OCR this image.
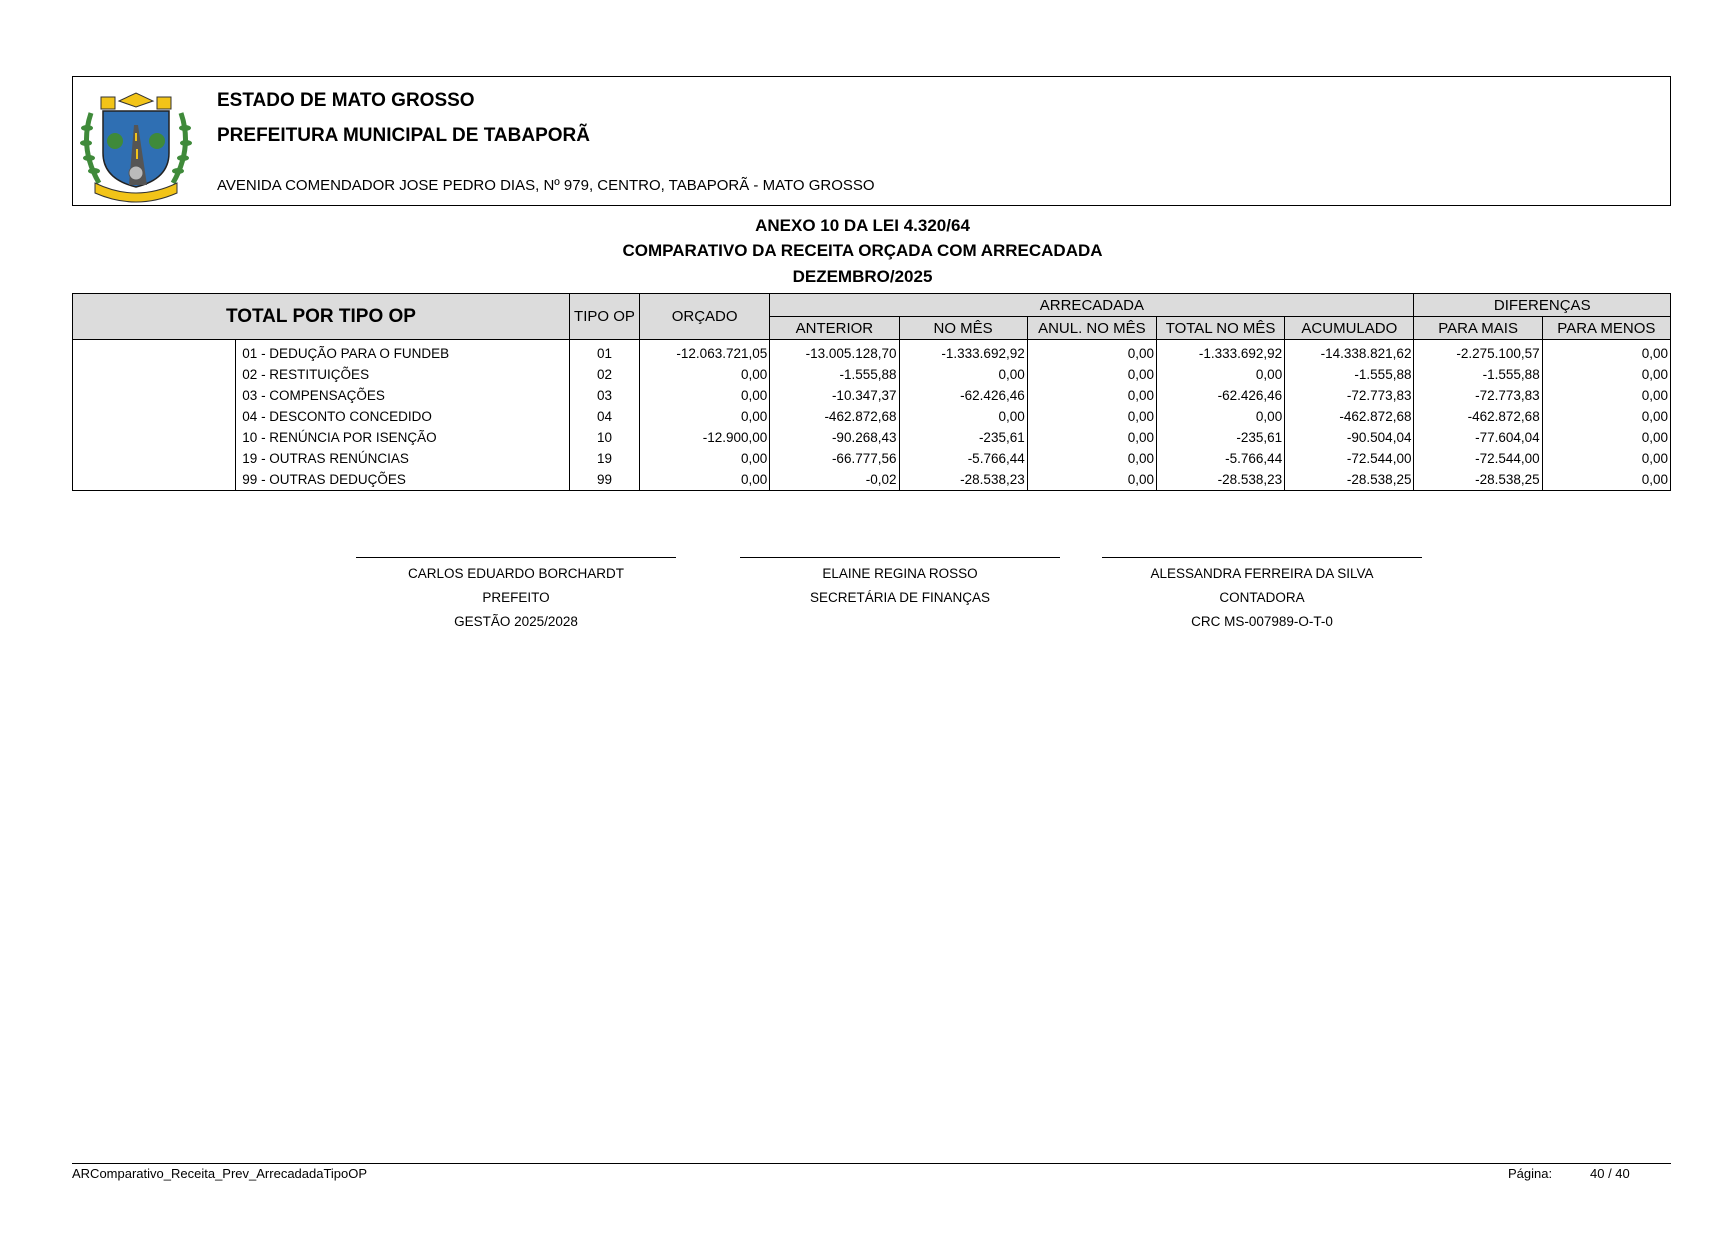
ESTADO DE MATO GROSSO
PREFEITURA MUNICIPAL DE TABAPORÃ
AVENIDA COMENDADOR JOSE PEDRO DIAS, Nº 979, CENTRO, TABAPORÃ - MATO GROSSO
ANEXO 10 DA LEI 4.320/64
COMPARATIVO DA RECEITA ORÇADA COM ARRECADADA
DEZEMBRO/2025
TOTAL POR TIPO OP		TIPO OP	ORÇADO	ARRECADADA					DIFERENÇAS	
				ANTERIOR	NO MÊS	ANUL. NO MÊS	TOTAL NO MÊS	ACUMULADO	PARA MAIS	PARA MENOS
	01 - DEDUÇÃO PARA O FUNDEB	01	-12.063.721,05	-13.005.128,70	-1.333.692,92	0,00	-1.333.692,92	-14.338.821,62	-2.275.100,57	0,00
	02 - RESTITUIÇÕES	02	0,00	-1.555,88	0,00	0,00	0,00	-1.555,88	-1.555,88	0,00
	03 - COMPENSAÇÕES	03	0,00	-10.347,37	-62.426,46	0,00	-62.426,46	-72.773,83	-72.773,83	0,00
	04 - DESCONTO CONCEDIDO	04	0,00	-462.872,68	0,00	0,00	0,00	-462.872,68	-462.872,68	0,00
	10 - RENÚNCIA POR ISENÇÃO	10	-12.900,00	-90.268,43	-235,61	0,00	-235,61	-90.504,04	-77.604,04	0,00
	19 - OUTRAS RENÚNCIAS	19	0,00	-66.777,56	-5.766,44	0,00	-5.766,44	-72.544,00	-72.544,00	0,00
	99 - OUTRAS DEDUÇÕES	99	0,00	-0,02	-28.538,23	0,00	-28.538,23	-28.538,25	-28.538,25	0,00
CARLOS EDUARDO BORCHARDT
PREFEITO
GESTÃO 2025/2028
ELAINE REGINA ROSSO
SECRETÁRIA DE FINANÇAS
ALESSANDRA FERREIRA DA SILVA
CONTADORA
CRC MS-007989-O-T-0
ARComparativo_Receita_Prev_ArrecadadaTipoOP	Página:	40 / 40
